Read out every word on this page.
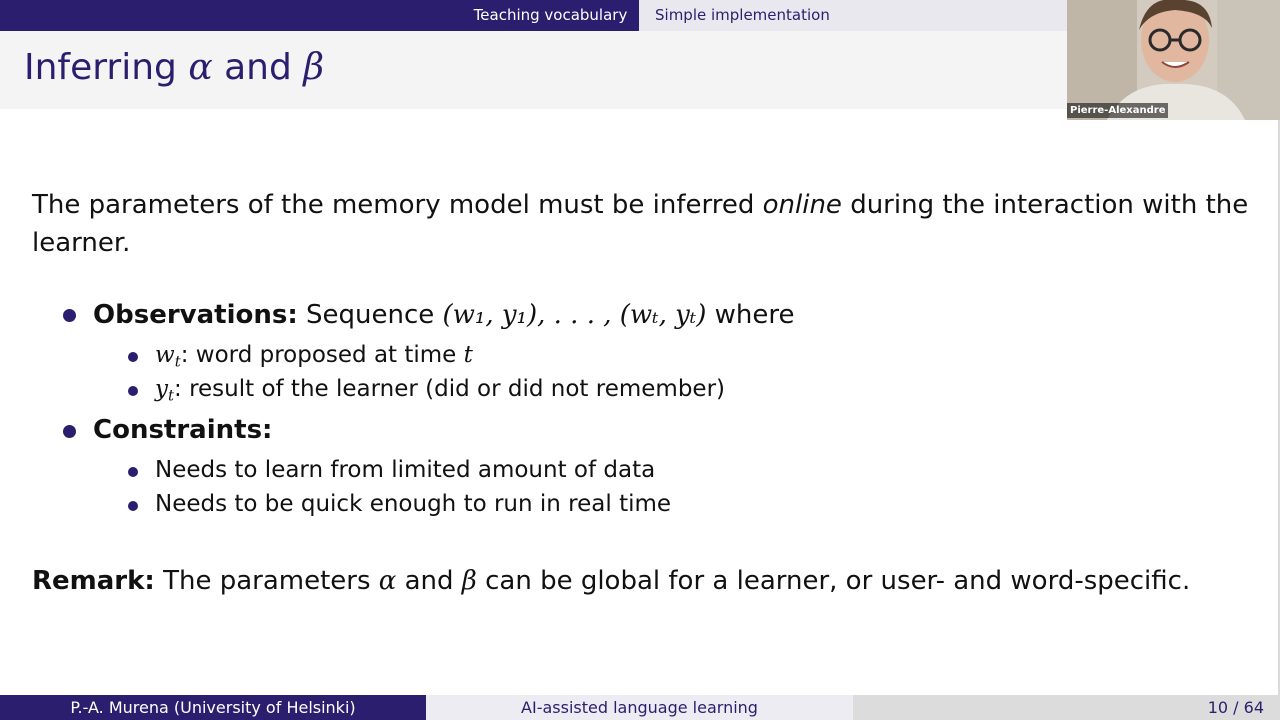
Teaching vocabulary	Simple implementation
Inferring α and β
Pierre-Alexandre
The parameters of the memory model must be inferred online during the interaction with the learner.
Observations: Sequence (w₁, y₁), . . . , (wₜ, yₜ) where
$w_t$: word proposed at time t
$y_t$: result of the learner (did or did not remember)
Constraints:
Needs to learn from limited amount of data
Needs to be quick enough to run in real time
Remark: The parameters α and β can be global for a learner, or user- and word-specific.
P.-A. Murena (University of Helsinki)	AI-assisted language learning	10 / 64
